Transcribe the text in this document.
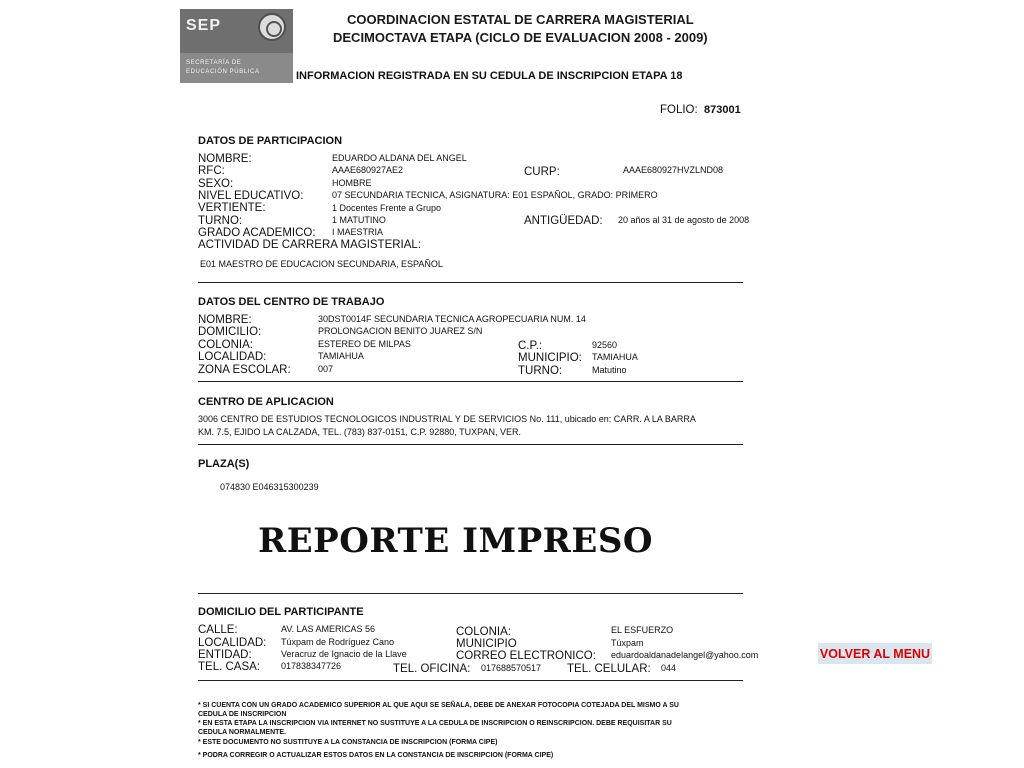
SEP
SECRETARÍA DE
EDUCACIÓN PÚBLICA
COORDINACION ESTATAL DE CARRERA MAGISTERIAL
DECIMOCTAVA ETAPA (CICLO DE EVALUACION 2008 - 2009)
INFORMACION REGISTRADA EN SU CEDULA DE INSCRIPCION ETAPA 18
FOLIO: 873001
DATOS DE PARTICIPACION
NOMBRE:	EDUARDO ALDANA DEL ANGEL
RFC:	AAAE680927AE2	CURP:	AAAE680927HVZLND08
SEXO:	HOMBRE
NIVEL EDUCATIVO:	07 SECUNDARIA TECNICA, ASIGNATURA: E01 ESPAÑOL, GRADO: PRIMERO
VERTIENTE:	1 Docentes Frente a Grupo
TURNO:	1 MATUTINO	ANTIGÜEDAD: 20 años al 31 de agosto de 2008
GRADO ACADEMICO: I MAESTRIA
ACTIVIDAD DE CARRERA MAGISTERIAL:
E01 MAESTRO DE EDUCACION SECUNDARIA, ESPAÑOL
DATOS DEL CENTRO DE TRABAJO
NOMBRE:	30DST0014F SECUNDARIA TECNICA AGROPECUARIA NUM. 14
DOMICILIO:	PROLONGACION BENITO JUAREZ S/N
COLONIA:	ESTEREO DE MILPAS	C.P.:	92560
LOCALIDAD:	TAMIAHUA	MUNICIPIO: TAMIAHUA
ZONA ESCOLAR:	007	TURNO:	Matutino
CENTRO DE APLICACION
3006 CENTRO DE ESTUDIOS TECNOLOGICOS INDUSTRIAL Y DE SERVICIOS No. 111, ubicado en: CARR. A LA BARRA
KM. 7.5, EJIDO LA CALZADA, TEL. (783) 837-0151, C.P. 92880, TUXPAN, VER.
PLAZA(S)
074830 E046315300239
REPORTE IMPRESO
DOMICILIO DEL PARTICIPANTE
CALLE:	AV. LAS AMERICAS 56	COLONIA:	EL ESFUERZO
LOCALIDAD: Túxpam de Rodríguez Cano	MUNICIPIO	Túxpam
ENTIDAD:	Veracruz de Ignacio de la Llave	CORREO ELECTRONICO: eduardoaldanadelangel@yahoo.com
TEL. CASA: 017838347726	TEL. OFICINA: 017688570517 TEL. CELULAR: 044
* SI CUENTA CON UN GRADO ACADEMICO SUPERIOR AL QUE AQUI SE SEÑALA, DEBE DE ANEXAR FOTOCOPIA COTEJADA DEL MISMO A SU
CEDULA DE INSCRIPCION
* EN ESTA ETAPA LA INSCRIPCION VIA INTERNET NO SUSTITUYE A LA CEDULA DE INSCRIPCION O REINSCRIPCION. DEBE REQUISITAR SU
CEDULA NORMALMENTE.
* ESTE DOCUMENTO NO SUSTITUYE A LA CONSTANCIA DE INSCRIPCION (FORMA CIPE)
* PODRA CORREGIR O ACTUALIZAR ESTOS DATOS EN LA CONSTANCIA DE INSCRIPCION (FORMA CIPE)
VOLVER AL MENU
